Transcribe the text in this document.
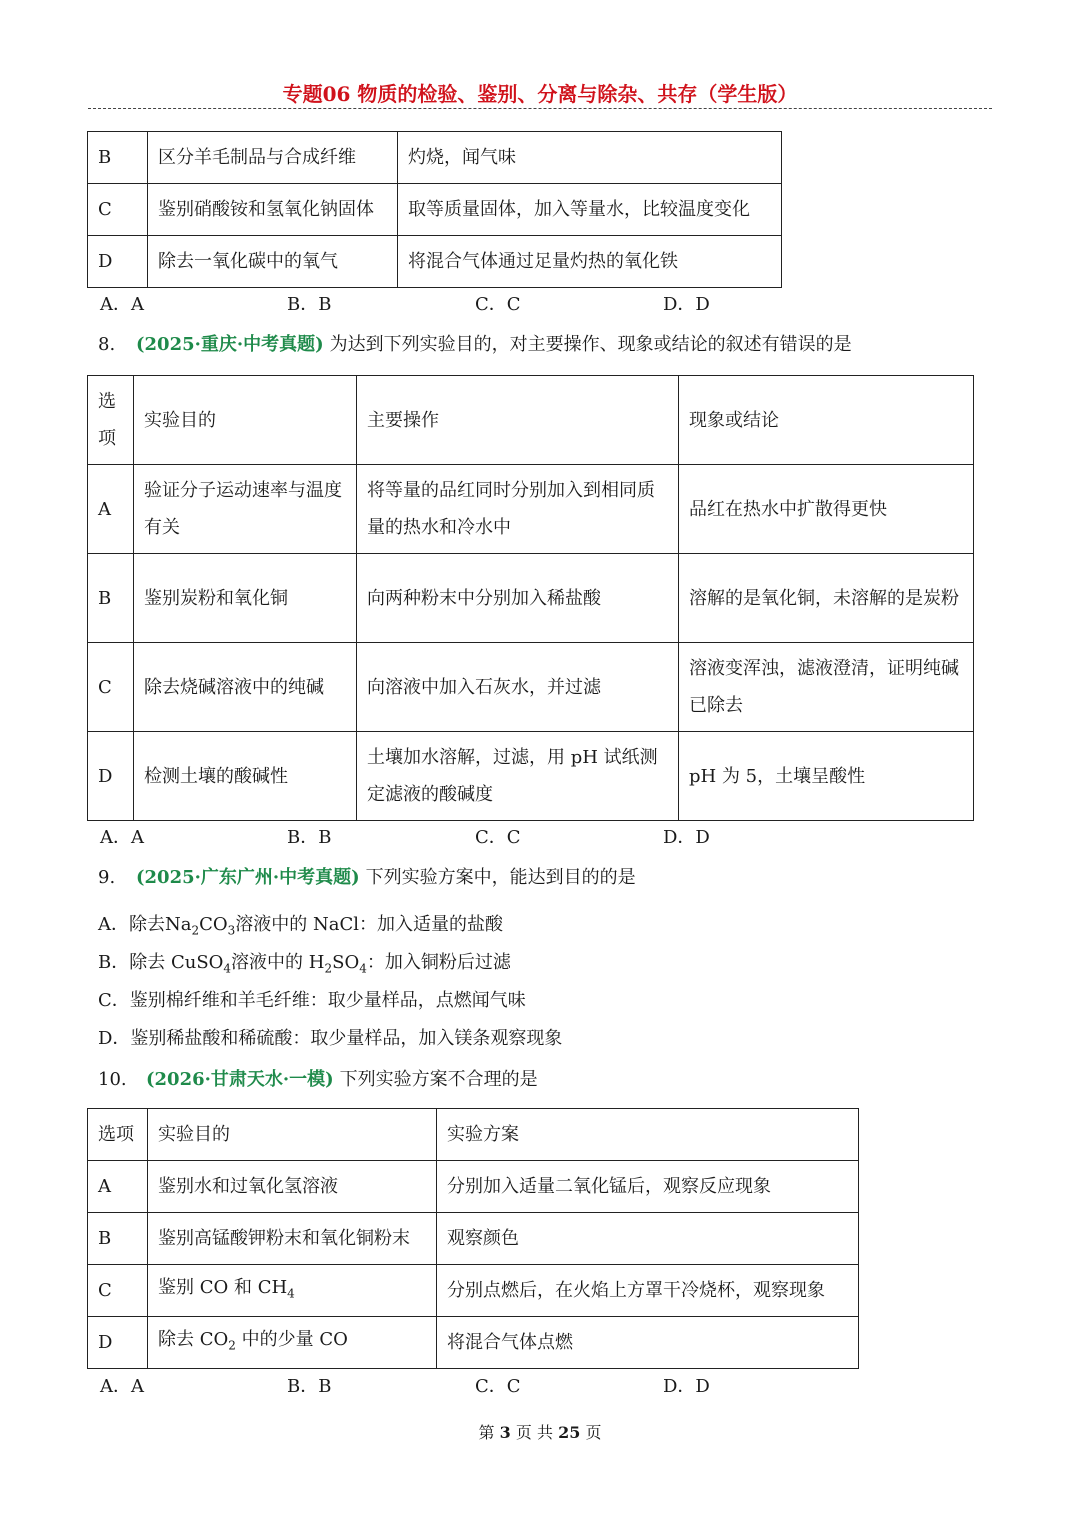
专题06 物质的检验、鉴别、分离与除杂、共存（学生版）
B	区分羊毛制品与合成纤维	灼烧，闻气味
C	鉴别硝酸铵和氢氧化钠固体	取等质量固体，加入等量水，比较温度变化
D	除去一氧化碳中的氧气	将混合气体通过足量灼热的氧化铁
A．A	B．B	C．C	D．D
8. (2025·重庆·中考真题) 为达到下列实验目的，对主要操作、现象或结论的叙述有错误的是
选项	实验目的	主要操作	现象或结论
A	验证分子运动速率与温度有关	将等量的品红同时分别加入到相同质量的热水和冷水中	品红在热水中扩散得更快
B	鉴别炭粉和氧化铜	向两种粉末中分别加入稀盐酸	溶解的是氧化铜，未溶解的是炭粉
C	除去烧碱溶液中的纯碱	向溶液中加入石灰水，并过滤	溶液变浑浊，滤液澄清，证明纯碱已除去
D	检测土壤的酸碱性	土壤加水溶解，过滤，用 pH 试纸测定滤液的酸碱度	pH 为 5，土壤呈酸性
A．A	B．B	C．C	D．D
9. (2025·广东广州·中考真题) 下列实验方案中，能达到目的的是
A．除去$Na_2CO_3$溶液中的 NaCl：加入适量的盐酸
B．除去 CuSO$_4$溶液中的 $H_2SO_4$：加入铜粉后过滤
C．鉴别棉纤维和羊毛纤维：取少量样品，点燃闻气味
D．鉴别稀盐酸和稀硫酸：取少量样品，加入镁条观察现象
10. (2026·甘肃天水·一模) 下列实验方案不合理的是
选项	实验目的	实验方案
A	鉴别水和过氧化氢溶液	分别加入适量二氧化锰后，观察反应现象
B	鉴别高锰酸钾粉末和氧化铜粉末	观察颜色
C	鉴别 CO 和 $CH_4$	分别点燃后，在火焰上方罩干冷烧杯，观察现象
D	除去 $CO_2$ 中的少量 CO	将混合气体点燃
A．A	B．B	C．C	D．D
第 3 页 共 25 页
